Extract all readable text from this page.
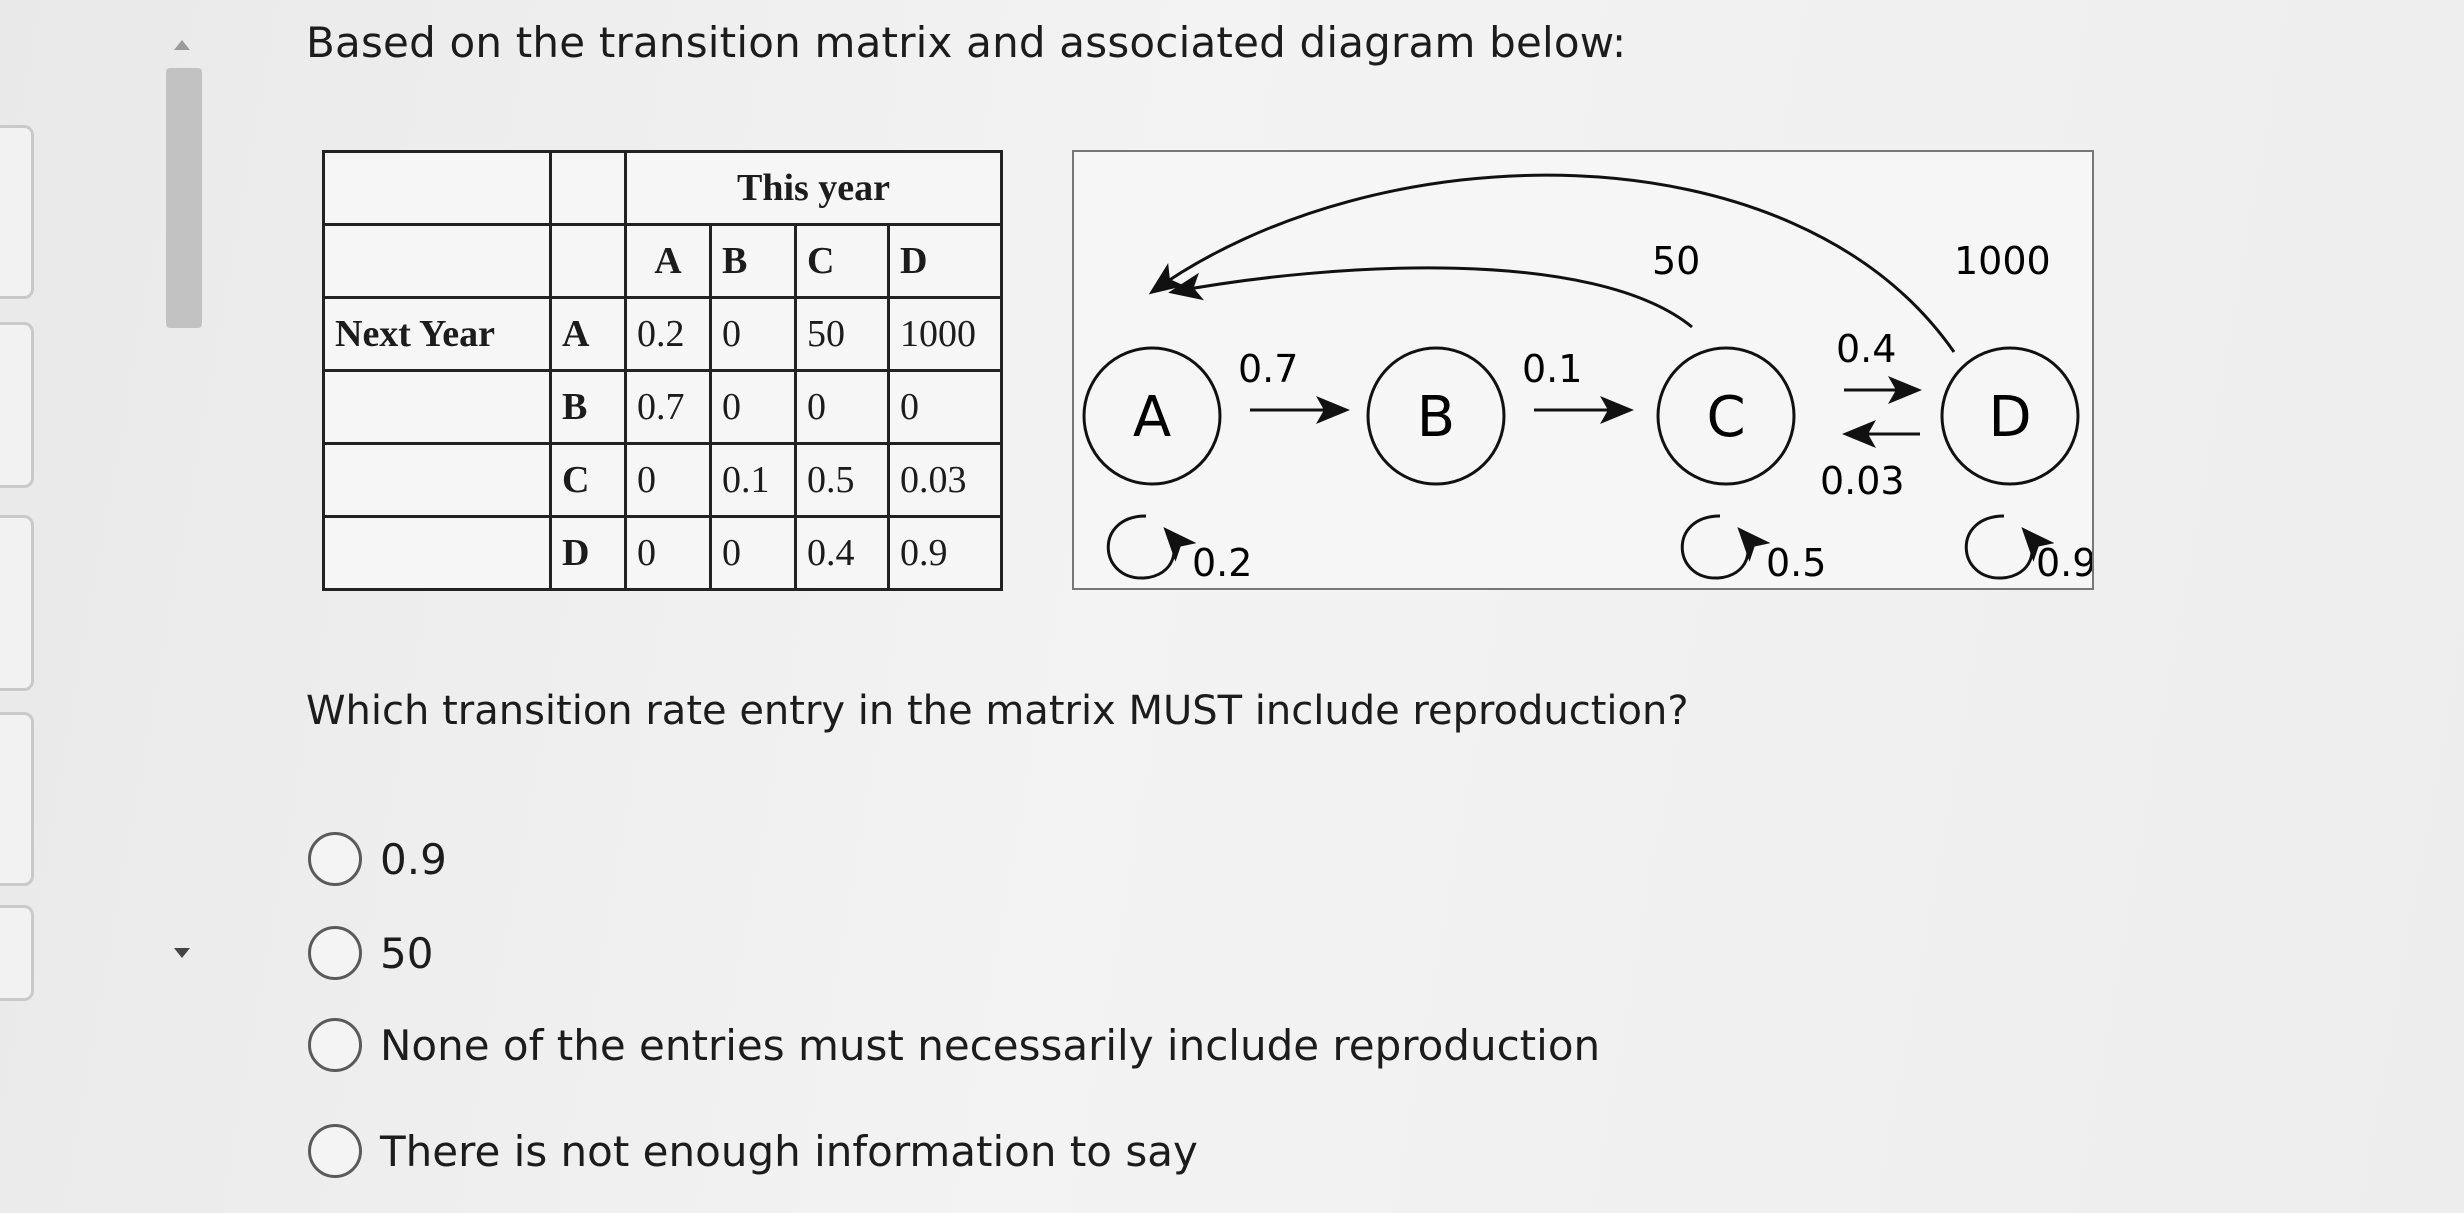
Based on the transition matrix and associated diagram below:
		This year			
		A	B	C	D
Next Year	A	0.2	0	50	1000
	B	0.7	0	0	0
	C	0	0.1	0.5	0.03
	D	0	0	0.4	0.9
A	B	C	D
0.7	0.1	0.4
0.03
50	1000
0.2	0.5	0.9
Which transition rate entry in the matrix MUST include reproduction?
0.9
50
None of the entries must necessarily include reproduction
There is not enough information to say
